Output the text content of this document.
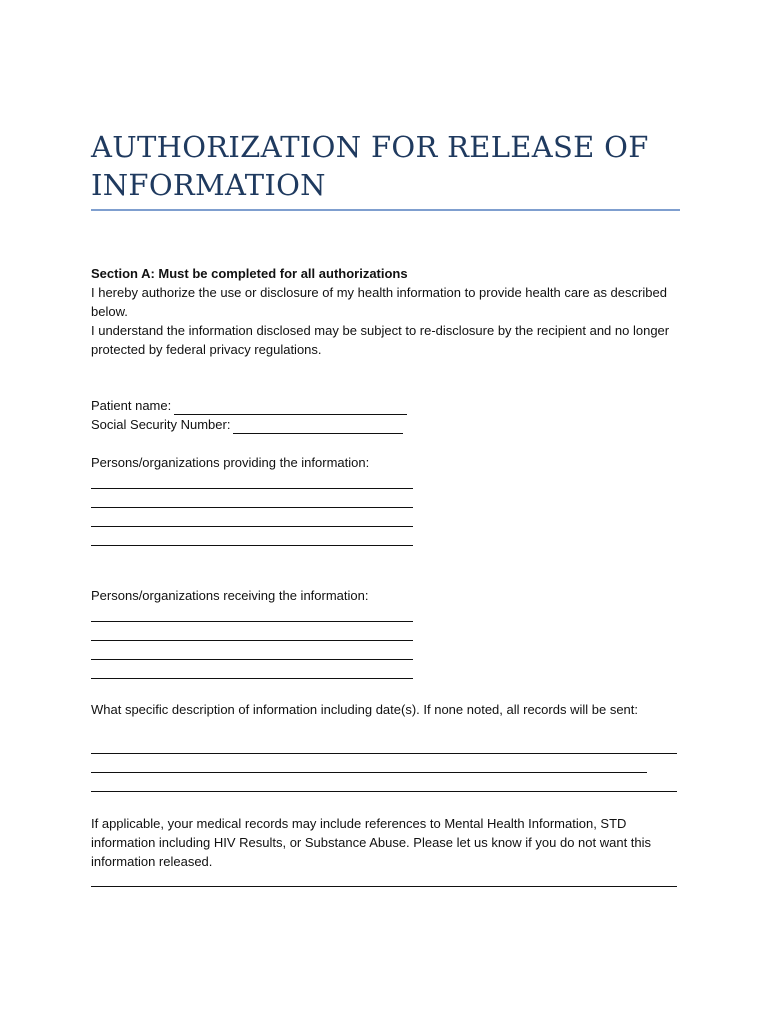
AUTHORIZATION FOR RELEASE OF INFORMATION
Section A: Must be completed for all authorizations
I hereby authorize the use or disclosure of my health information to provide health care as described below.
I understand the information disclosed may be subject to re-disclosure by the recipient and no longer protected by federal privacy regulations.
Patient name:
Social Security Number:
Persons/organizations providing the information:
Persons/organizations receiving the information:
What specific description of information including date(s). If none noted, all records will be sent:
If applicable, your medical records may include references to Mental Health Information, STD information including HIV Results, or Substance Abuse. Please let us know if you do not want this information released.
